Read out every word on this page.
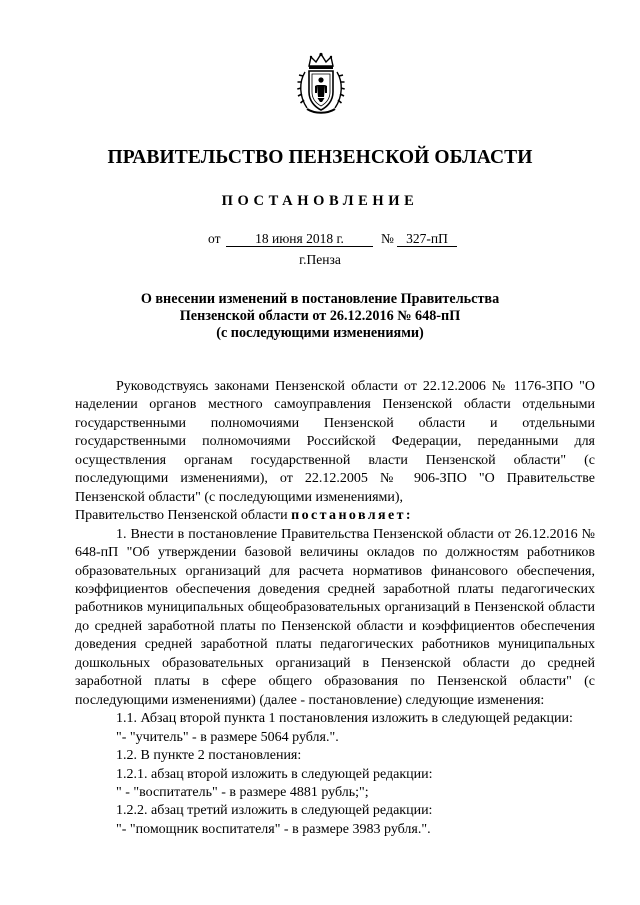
ПРАВИТЕЛЬСТВО ПЕНЗЕНСКОЙ ОБЛАСТИ
ПОСТАНОВЛЕНИЕ
от	18 июня 2018 г.	№ 327-пП
г.Пенза
О внесении изменений в постановление Правительства
Пензенской области от 26.12.2016 № 648-пП
(с последующими изменениями)

Руководствуясь законами Пензенской области от 22.12.2006 № 1176-ЗПО "О наделении органов местного самоуправления Пензенской области отдельными государственными полномочиями Пензенской области и отдельными государственными полномочиями Российской Федерации, переданными для осуществления органам государственной власти Пензенской области" (с последующими изменениями), от 22.12.2005 № 906-ЗПО "О Правительстве Пензенской области" (с последующими изменениями),

Правительство Пензенской области постановляет:

1. Внести в постановление Правительства Пензенской области от 26.12.2016 № 648-пП "Об утверждении базовой величины окладов по должностям работников образовательных организаций для расчета нормативов финансового обеспечения, коэффициентов обеспечения доведения средней заработной платы педагогических работников муниципальных общеобразовательных организаций в Пензенской области до средней заработной платы по Пензенской области и коэффициентов обеспечения доведения средней заработной платы педагогических работников муниципальных дошкольных образовательных организаций в Пензенской области до средней заработной платы в сфере общего образования по Пензенской области" (с последующими изменениями) (далее - постановление) следующие изменения:

1.1. Абзац второй пункта 1 постановления изложить в следующей редакции:

"- "учитель" - в размере 5064 рубля.".

1.2. В пункте 2 постановления:

1.2.1. абзац второй изложить в следующей редакции:

" - "воспитатель" - в размере 4881 рубль;";

1.2.2. абзац третий изложить в следующей редакции:

"- "помощник воспитателя" - в размере 3983 рубля.".
